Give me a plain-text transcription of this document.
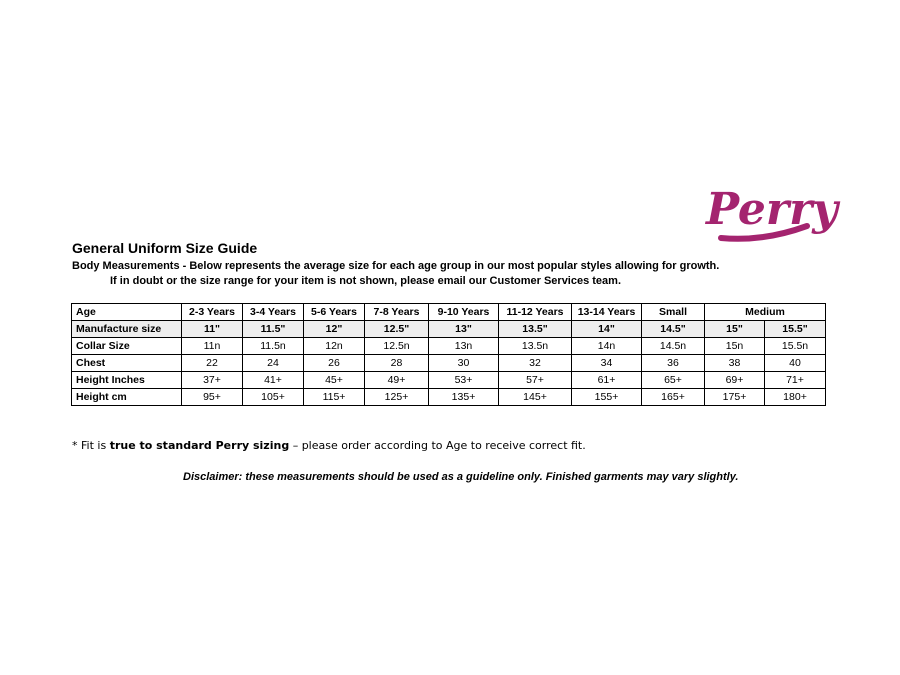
Perry
General Uniform Size Guide
Body Measurements - Below represents the average size for each age group in our most popular styles allowing for growth.
If in doubt or the size range for your item is not shown, please email our Customer Services team.
Age	2-3 Years	3-4 Years	5-6 Years	7-8 Years	9-10 Years	11-12 Years	13-14 Years	Small	Medium	
Manufacture size	11"	11.5"	12"	12.5"	13"	13.5"	14"	14.5"	15"	15.5"
Collar Size	11n	11.5n	12n	12.5n	13n	13.5n	14n	14.5n	15n	15.5n
Chest	22	24	26	28	30	32	34	36	38	40
Height Inches	37+	41+	45+	49+	53+	57+	61+	65+	69+	71+
Height cm	95+	105+	115+	125+	135+	145+	155+	165+	175+	180+
* Fit is true to standard Perry sizing – please order according to Age to receive correct fit.
Disclaimer: these measurements should be used as a guideline only. Finished garments may vary slightly.
